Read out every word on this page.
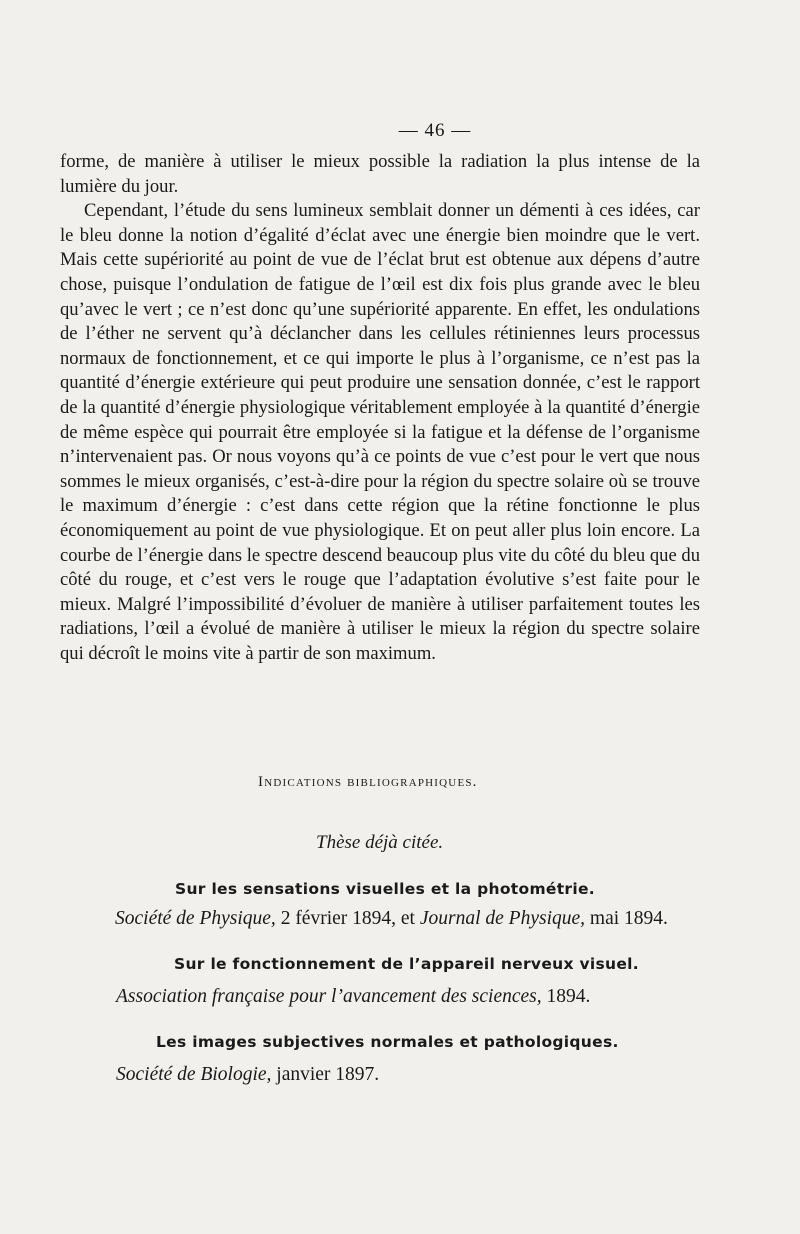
— 46 —

forme, de manière à utiliser le mieux possible la radiation la plus intense de la lumière du jour.

Cependant, l’étude du sens lumineux semblait donner un démenti à ces idées, car le bleu donne la notion d’égalité d’éclat avec une énergie bien moindre que le vert. Mais cette supériorité au point de vue de l’éclat brut est obtenue aux dépens d’autre chose, puisque l’ondulation de fatigue de l’œil est dix fois plus grande avec le bleu qu’avec le vert ; ce n’est donc qu’une supériorité apparente. En effet, les ondulations de l’éther ne servent qu’à déclancher dans les cellules rétiniennes leurs processus normaux de fonctionnement, et ce qui importe le plus à l’organisme, ce n’est pas la quantité d’énergie extérieure qui peut produire une sensation donnée, c’est le rapport de la quantité d’énergie physiologique véritablement employée à la quantité d’énergie de même espèce qui pourrait être employée si la fatigue et la défense de l’organisme n’intervenaient pas. Or nous voyons qu’à ce points de vue c’est pour le vert que nous sommes le mieux organisés, c’est-à-dire pour la région du spectre solaire où se trouve le maximum d’énergie : c’est dans cette région que la rétine fonctionne le plus économiquement au point de vue physiologique. Et on peut aller plus loin encore. La courbe de l’énergie dans le spectre descend beaucoup plus vite du côté du bleu que du côté du rouge, et c’est vers le rouge que l’adaptation évolutive s’est faite pour le mieux. Malgré l’impossibilité d’évoluer de manière à utiliser parfaitement toutes les radiations, l’œil a évolué de manière à utiliser le mieux la région du spectre solaire qui décroît le moins vite à partir de son maximum.

Indications bibliographiques.
Thèse déjà citée.
Sur les sensations visuelles et la photométrie.
Société de Physique, 2 février 1894, et Journal de Physique, mai 1894.
Sur le fonctionnement de l’appareil nerveux visuel.
Association française pour l’avancement des sciences, 1894.
Les images subjectives normales et pathologiques.
Société de Biologie, janvier 1897.
